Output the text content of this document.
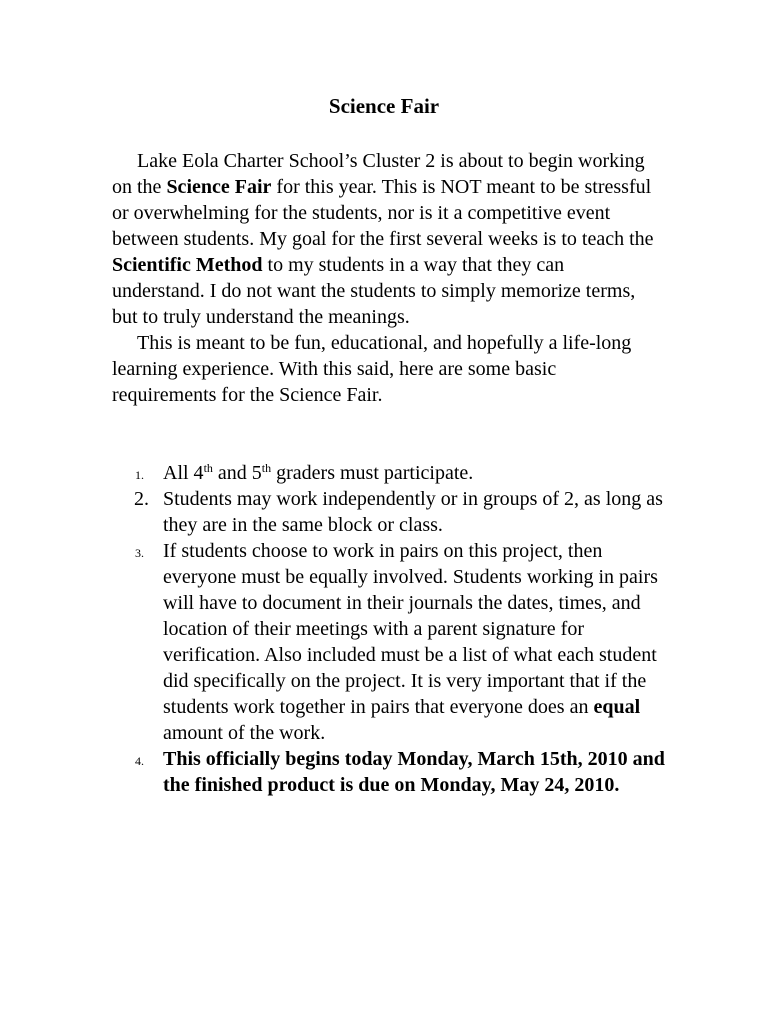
Science Fair

Lake Eola Charter School’s Cluster 2 is about to begin working on the Science Fair for this year. This is NOT meant to be stressful or overwhelming for the students, nor is it a competitive event between students. My goal for the first several weeks is to teach the Scientific Method to my students in a way that they can understand. I do not want the students to simply memorize terms, but to truly understand the meanings.

This is meant to be fun, educational, and hopefully a life-long learning experience. With this said, here are some basic requirements for the Science Fair.

1. All 4th and 5th graders must participate.
2. Students may work independently or in groups of 2, as long as they are in the same block or class.
3. If students choose to work in pairs on this project, then everyone must be equally involved. Students working in pairs will have to document in their journals the dates, times, and location of their meetings with a parent signature for verification. Also included must be a list of what each student did specifically on the project. It is very important that if the students work together in pairs that everyone does an equal amount of the work.
4. This officially begins today Monday, March 15th, 2010 and the finished product is due on Monday, May 24, 2010.
